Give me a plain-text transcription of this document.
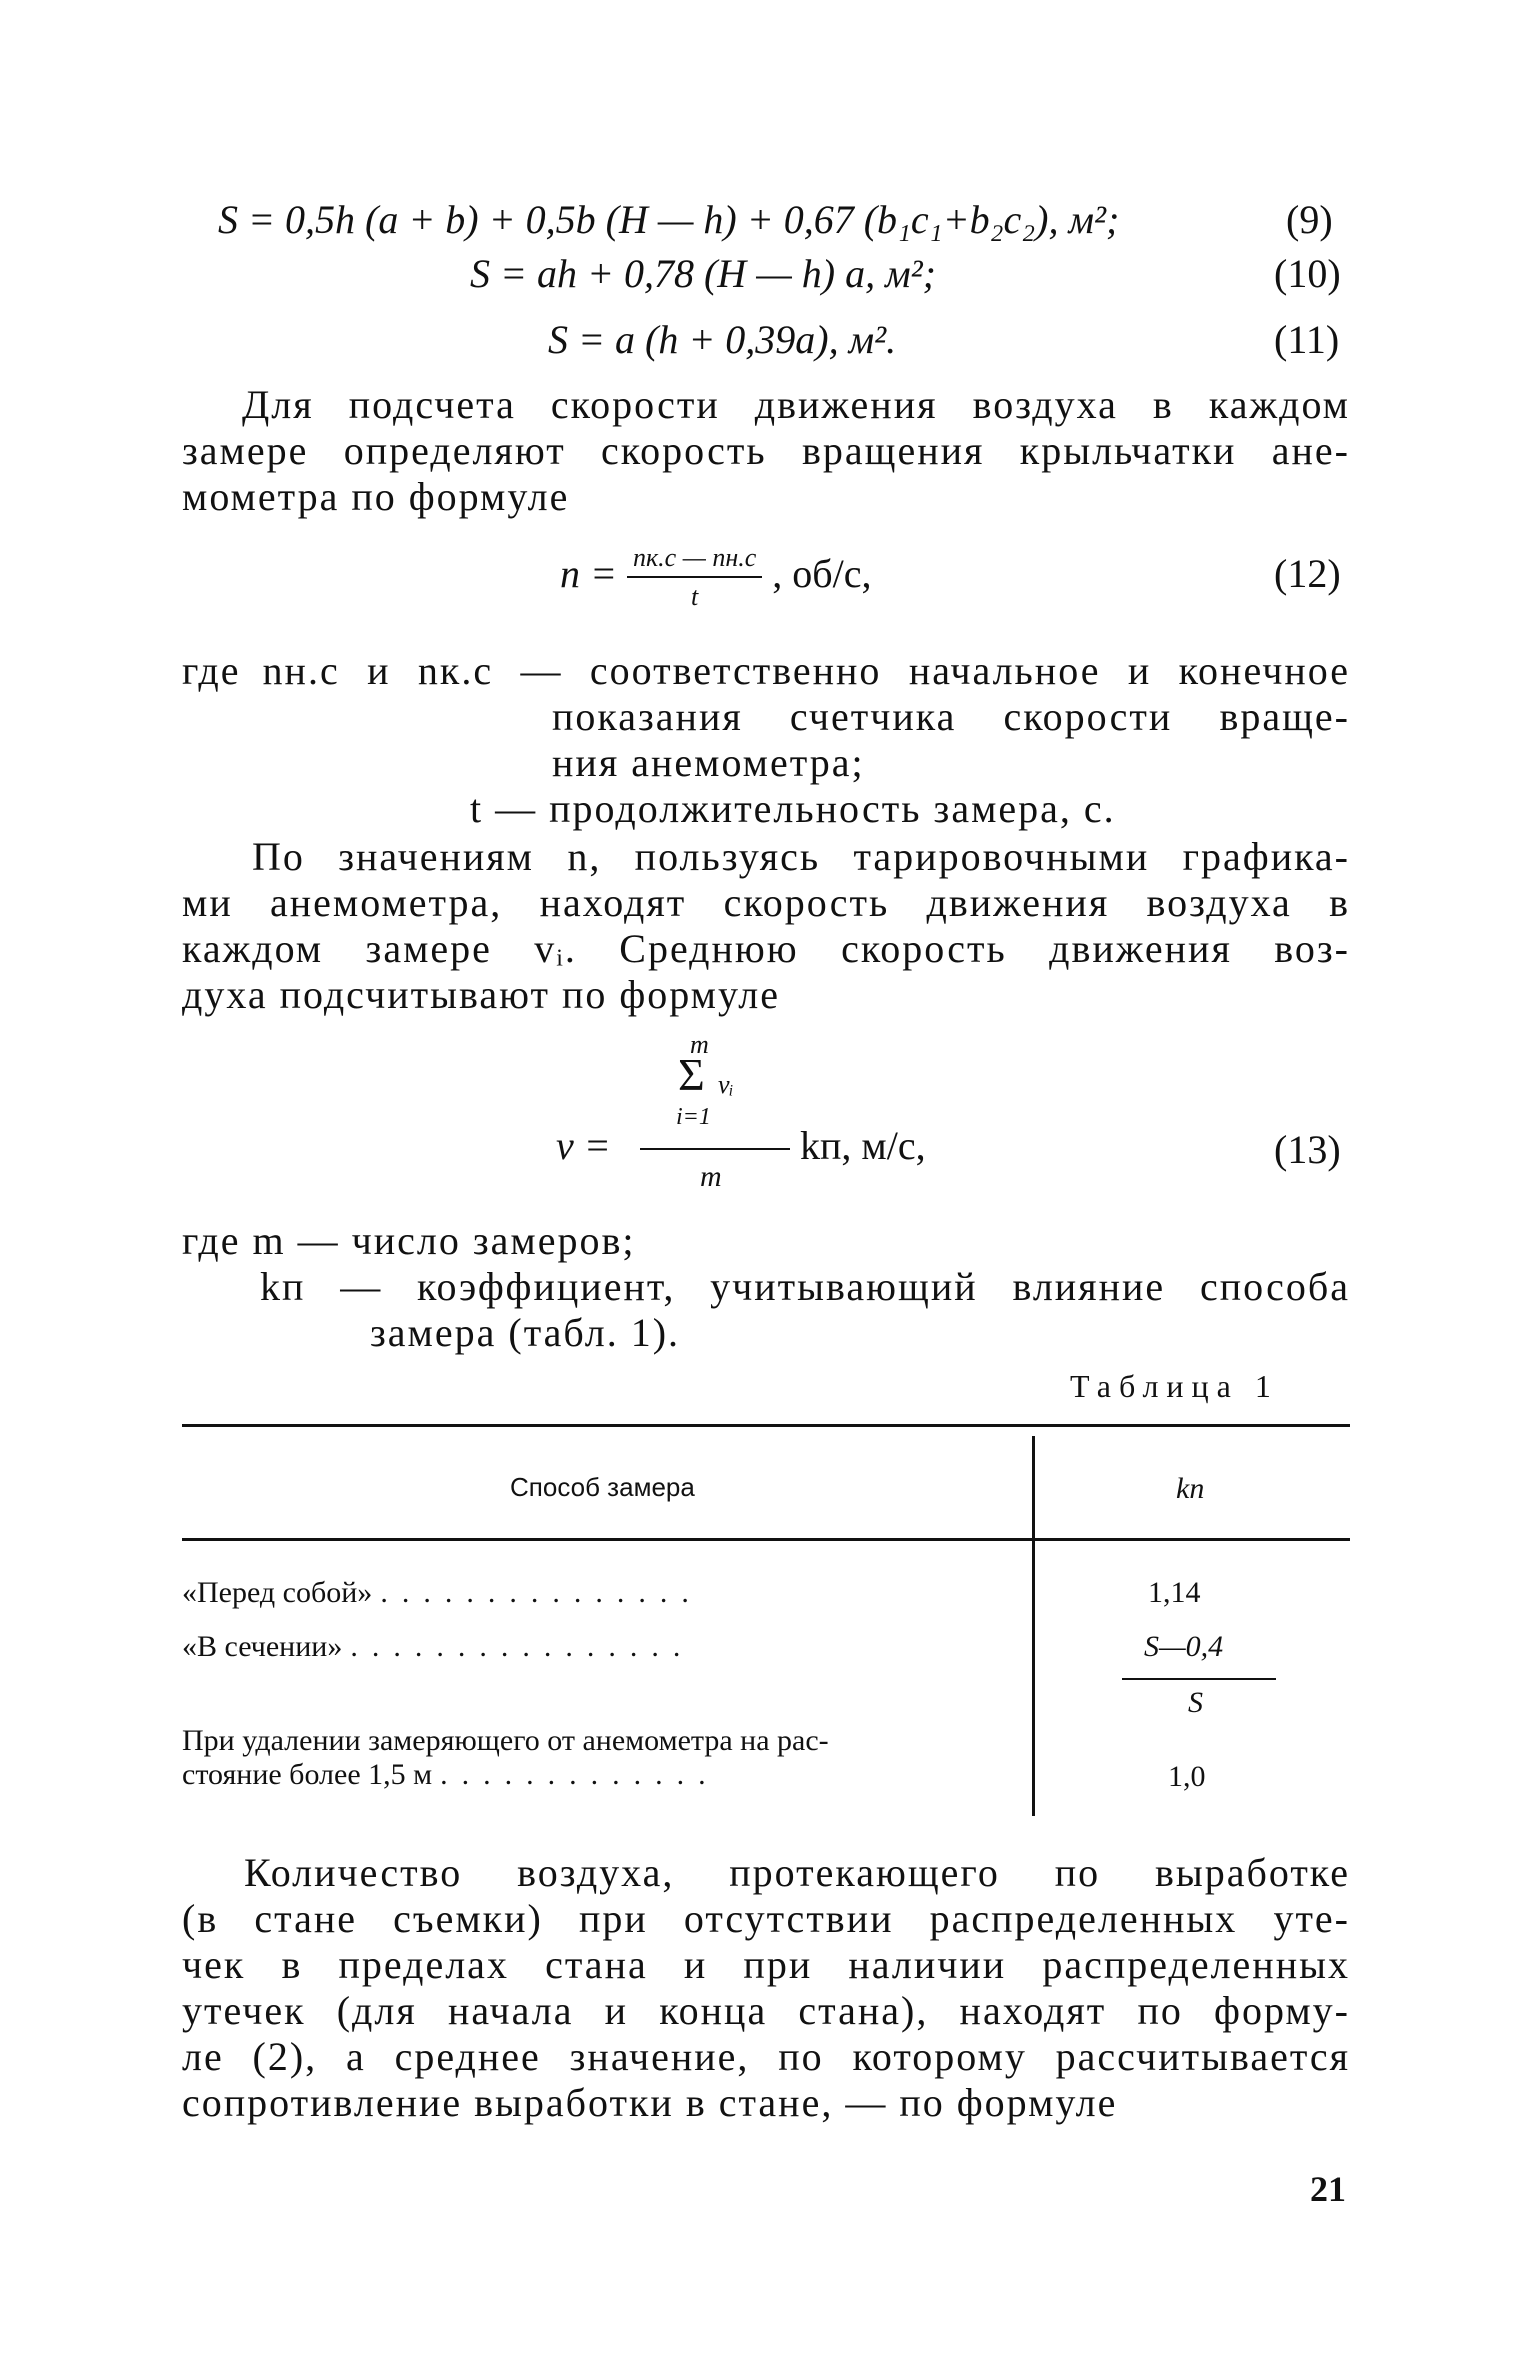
S = 0,5h (a + b) + 0,5b (H — h) + 0,67 (b₁c₁+b₂c₂), м²;	(9)
S = ah + 0,78 (H — h) a, м²;	(10)
S = a (h + 0,39a), м².	(11)
Для подсчета скорости движения воздуха в каждом
замере определяют скорость вращения крыльчатки ане-
мометра по формуле
$n = \frac{nк.с — nн.с}{t}$ , об/с,	(12)
где nн.с и nк.с — соответственно начальное и конечное
показания счетчика скорости враще-
ния анемометра;
t — продолжительность замера, с.
По значениям n, пользуясь тарировочными графика-
ми анемометра, находят скорость движения воздуха в
каждом замере vᵢ. Среднюю скорость движения воз-
духа подсчитывают по формуле
m
Σ vᵢ
i=1
v =
m
kп, м/с,	(13)
где m — число замеров;
kп — коэффициент, учитывающий влияние способа
замера (табл. 1).
Таблица 1
Способ замера	kп
«Перед собой» ...............	1,14
«В сечении» ................	S—0,4
S
При удалении замеряющего от анемометра на рас-
стояние более 1,5 м .............	1,0
Количество воздуха, протекающего по выработке
(в стане съемки) при отсутствии распределенных уте-
чек в пределах стана и при наличии распределенных
утечек (для начала и конца стана), находят по форму-
ле (2), а среднее значение, по которому рассчитывается
сопротивление выработки в стане, — по формуле
21
